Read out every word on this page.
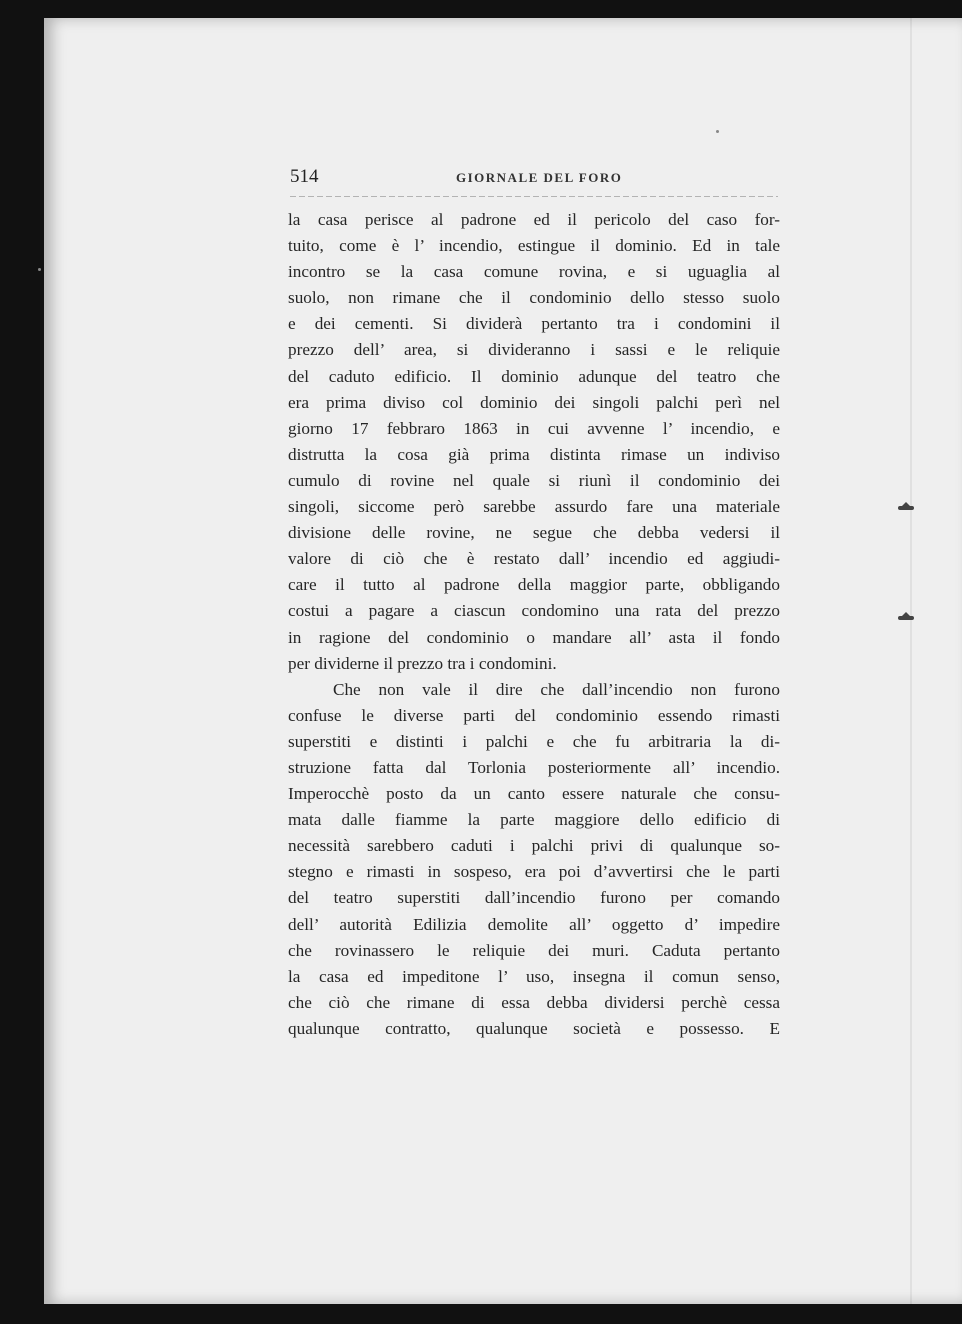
514	GIORNALE DEL FORO
la casa perisce al padrone ed il pericolo del caso for-
tuito, come è l’ incendio, estingue il dominio. Ed in tale
incontro se la casa comune rovina, e si uguaglia al
suolo, non rimane che il condominio dello stesso suolo
e dei cementi. Si dividerà pertanto tra i condomini il
prezzo dell’ area, si divideranno i sassi e le reliquie
del caduto edificio. Il dominio adunque del teatro che
era prima diviso col dominio dei singoli palchi perì nel
giorno 17 febbraro 1863 in cui avvenne l’ incendio, e
distrutta la cosa già prima distinta rimase un indiviso
cumulo di rovine nel quale si riunì il condominio dei
singoli, siccome però sarebbe assurdo fare una materiale
divisione delle rovine, ne segue che debba vedersi il
valore di ciò che è restato dall’ incendio ed aggiudi-
care il tutto al padrone della maggior parte, obbligando
costui a pagare a ciascun condomino una rata del prezzo
in ragione del condominio o mandare all’ asta il fondo
per dividerne il prezzo tra i condomini.
Che non vale il dire che dall’incendio non furono
confuse le diverse parti del condominio essendo rimasti
superstiti e distinti i palchi e che fu arbitraria la di-
struzione fatta dal Torlonia posteriormente all’ incendio.
Imperocchè posto da un canto essere naturale che consu-
mata dalle fiamme la parte maggiore dello edificio di
necessità sarebbero caduti i palchi privi di qualunque so-
stegno e rimasti in sospeso, era poi d’avvertirsi che le parti
del teatro superstiti dall’incendio furono per comando
dell’ autorità Edilizia demolite all’ oggetto d’ impedire
che rovinassero le reliquie dei muri. Caduta pertanto
la casa ed impeditone l’ uso, insegna il comun senso,
che ciò che rimane di essa debba dividersi perchè cessa
qualunque contratto, qualunque società e possesso. E
